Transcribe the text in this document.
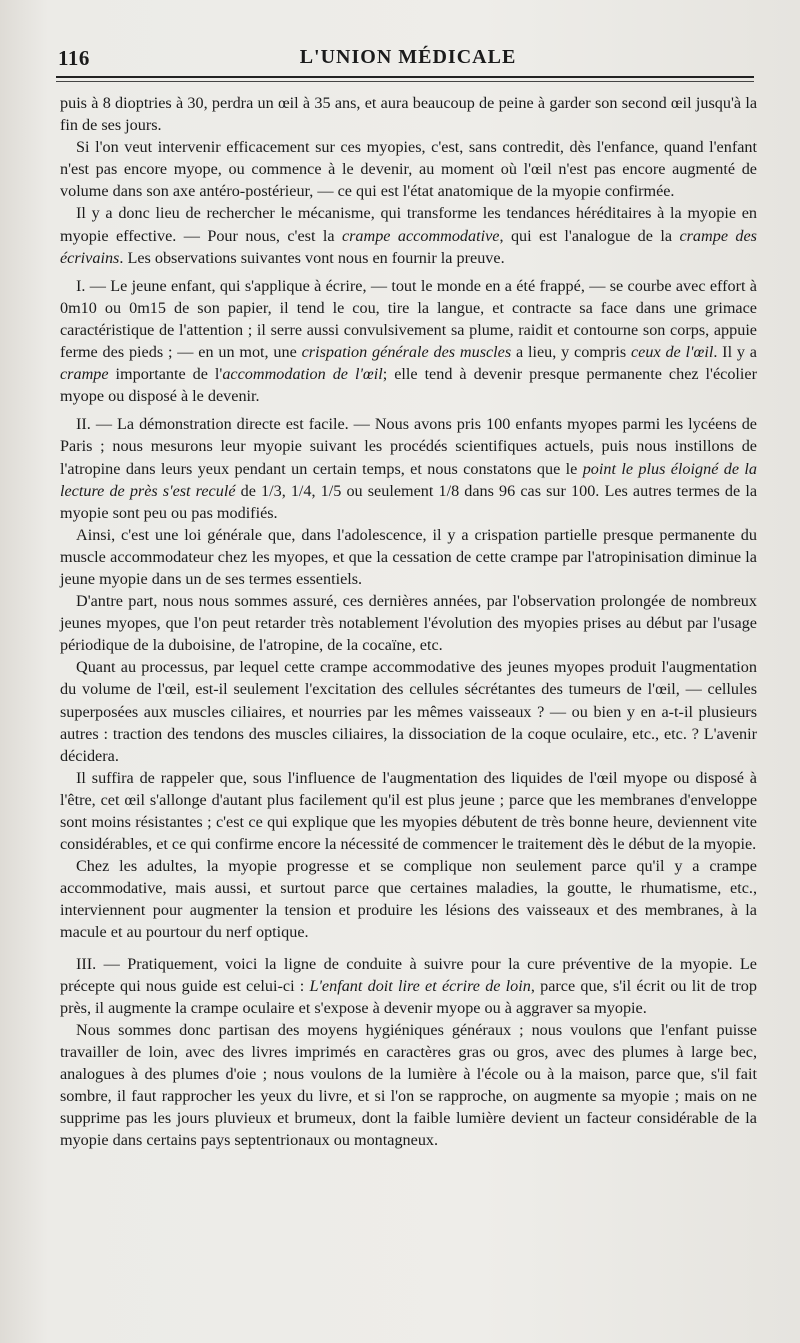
116	L'UNION MÉDICALE

puis à 8 dioptries à 30, perdra un œil à 35 ans, et aura beaucoup de peine à garder son second œil jusqu'à la fin de ses jours.

Si l'on veut intervenir efficacement sur ces myopies, c'est, sans contredit, dès l'enfance, quand l'enfant n'est pas encore myope, ou commence à le devenir, au moment où l'œil n'est pas encore augmenté de volume dans son axe antéro-postérieur, — ce qui est l'état anatomique de la myopie confirmée.

Il y a donc lieu de rechercher le mécanisme, qui transforme les tendances héréditaires à la myopie en myopie effective. — Pour nous, c'est la crampe accommodative, qui est l'analogue de la crampe des écrivains. Les observations suivantes vont nous en fournir la preuve.

I. — Le jeune enfant, qui s'applique à écrire, — tout le monde en a été frappé, — se courbe avec effort à 0m10 ou 0m15 de son papier, il tend le cou, tire la langue, et contracte sa face dans une grimace caractéristique de l'attention ; il serre aussi convulsivement sa plume, raidit et contourne son corps, appuie ferme des pieds ; — en un mot, une crispation générale des muscles a lieu, y compris ceux de l'œil. Il y a crampe importante de l'accommodation de l'œil; elle tend à devenir presque permanente chez l'écolier myope ou disposé à le devenir.

II. — La démonstration directe est facile. — Nous avons pris 100 enfants myopes parmi les lycéens de Paris ; nous mesurons leur myopie suivant les procédés scientifiques actuels, puis nous instillons de l'atropine dans leurs yeux pendant un certain temps, et nous constatons que le point le plus éloigné de la lecture de près s'est reculé de 1/3, 1/4, 1/5 ou seulement 1/8 dans 96 cas sur 100. Les autres termes de la myopie sont peu ou pas modifiés.

Ainsi, c'est une loi générale que, dans l'adolescence, il y a crispation partielle presque permanente du muscle accommodateur chez les myopes, et que la cessation de cette crampe par l'atropinisation diminue la jeune myopie dans un de ses termes essentiels.

D'antre part, nous nous sommes assuré, ces dernières années, par l'observation prolongée de nombreux jeunes myopes, que l'on peut retarder très notablement l'évolution des myopies prises au début par l'usage périodique de la duboisine, de l'atropine, de la cocaïne, etc.

Quant au processus, par lequel cette crampe accommodative des jeunes myopes produit l'augmentation du volume de l'œil, est-il seulement l'excitation des cellules sécrétantes des tumeurs de l'œil, — cellules superposées aux muscles ciliaires, et nourries par les mêmes vaisseaux ? — ou bien y en a-t-il plusieurs autres : traction des tendons des muscles ciliaires, la dissociation de la coque oculaire, etc., etc. ? L'avenir décidera.

Il suffira de rappeler que, sous l'influence de l'augmentation des liquides de l'œil myope ou disposé à l'être, cet œil s'allonge d'autant plus facilement qu'il est plus jeune ; parce que les membranes d'enveloppe sont moins résistantes ; c'est ce qui explique que les myopies débutent de très bonne heure, deviennent vite considérables, et ce qui confirme encore la nécessité de commencer le traitement dès le début de la myopie.

Chez les adultes, la myopie progresse et se complique non seulement parce qu'il y a crampe accommodative, mais aussi, et surtout parce que certaines maladies, la goutte, le rhumatisme, etc., interviennent pour augmenter la tension et produire les lésions des vaisseaux et des membranes, à la macule et au pourtour du nerf optique.

III. — Pratiquement, voici la ligne de conduite à suivre pour la cure préventive de la myopie. Le précepte qui nous guide est celui-ci : L'enfant doit lire et écrire de loin, parce que, s'il écrit ou lit de trop près, il augmente la crampe oculaire et s'expose à devenir myope ou à aggraver sa myopie.

Nous sommes donc partisan des moyens hygiéniques généraux ; nous voulons que l'enfant puisse travailler de loin, avec des livres imprimés en caractères gras ou gros, avec des plumes à large bec, analogues à des plumes d'oie ; nous voulons de la lumière à l'école ou à la maison, parce que, s'il fait sombre, il faut rapprocher les yeux du livre, et si l'on se rapproche, on augmente sa myopie ; mais on ne supprime pas les jours pluvieux et brumeux, dont la faible lumière devient un facteur considérable de la myopie dans certains pays septentrionaux ou montagneux.
